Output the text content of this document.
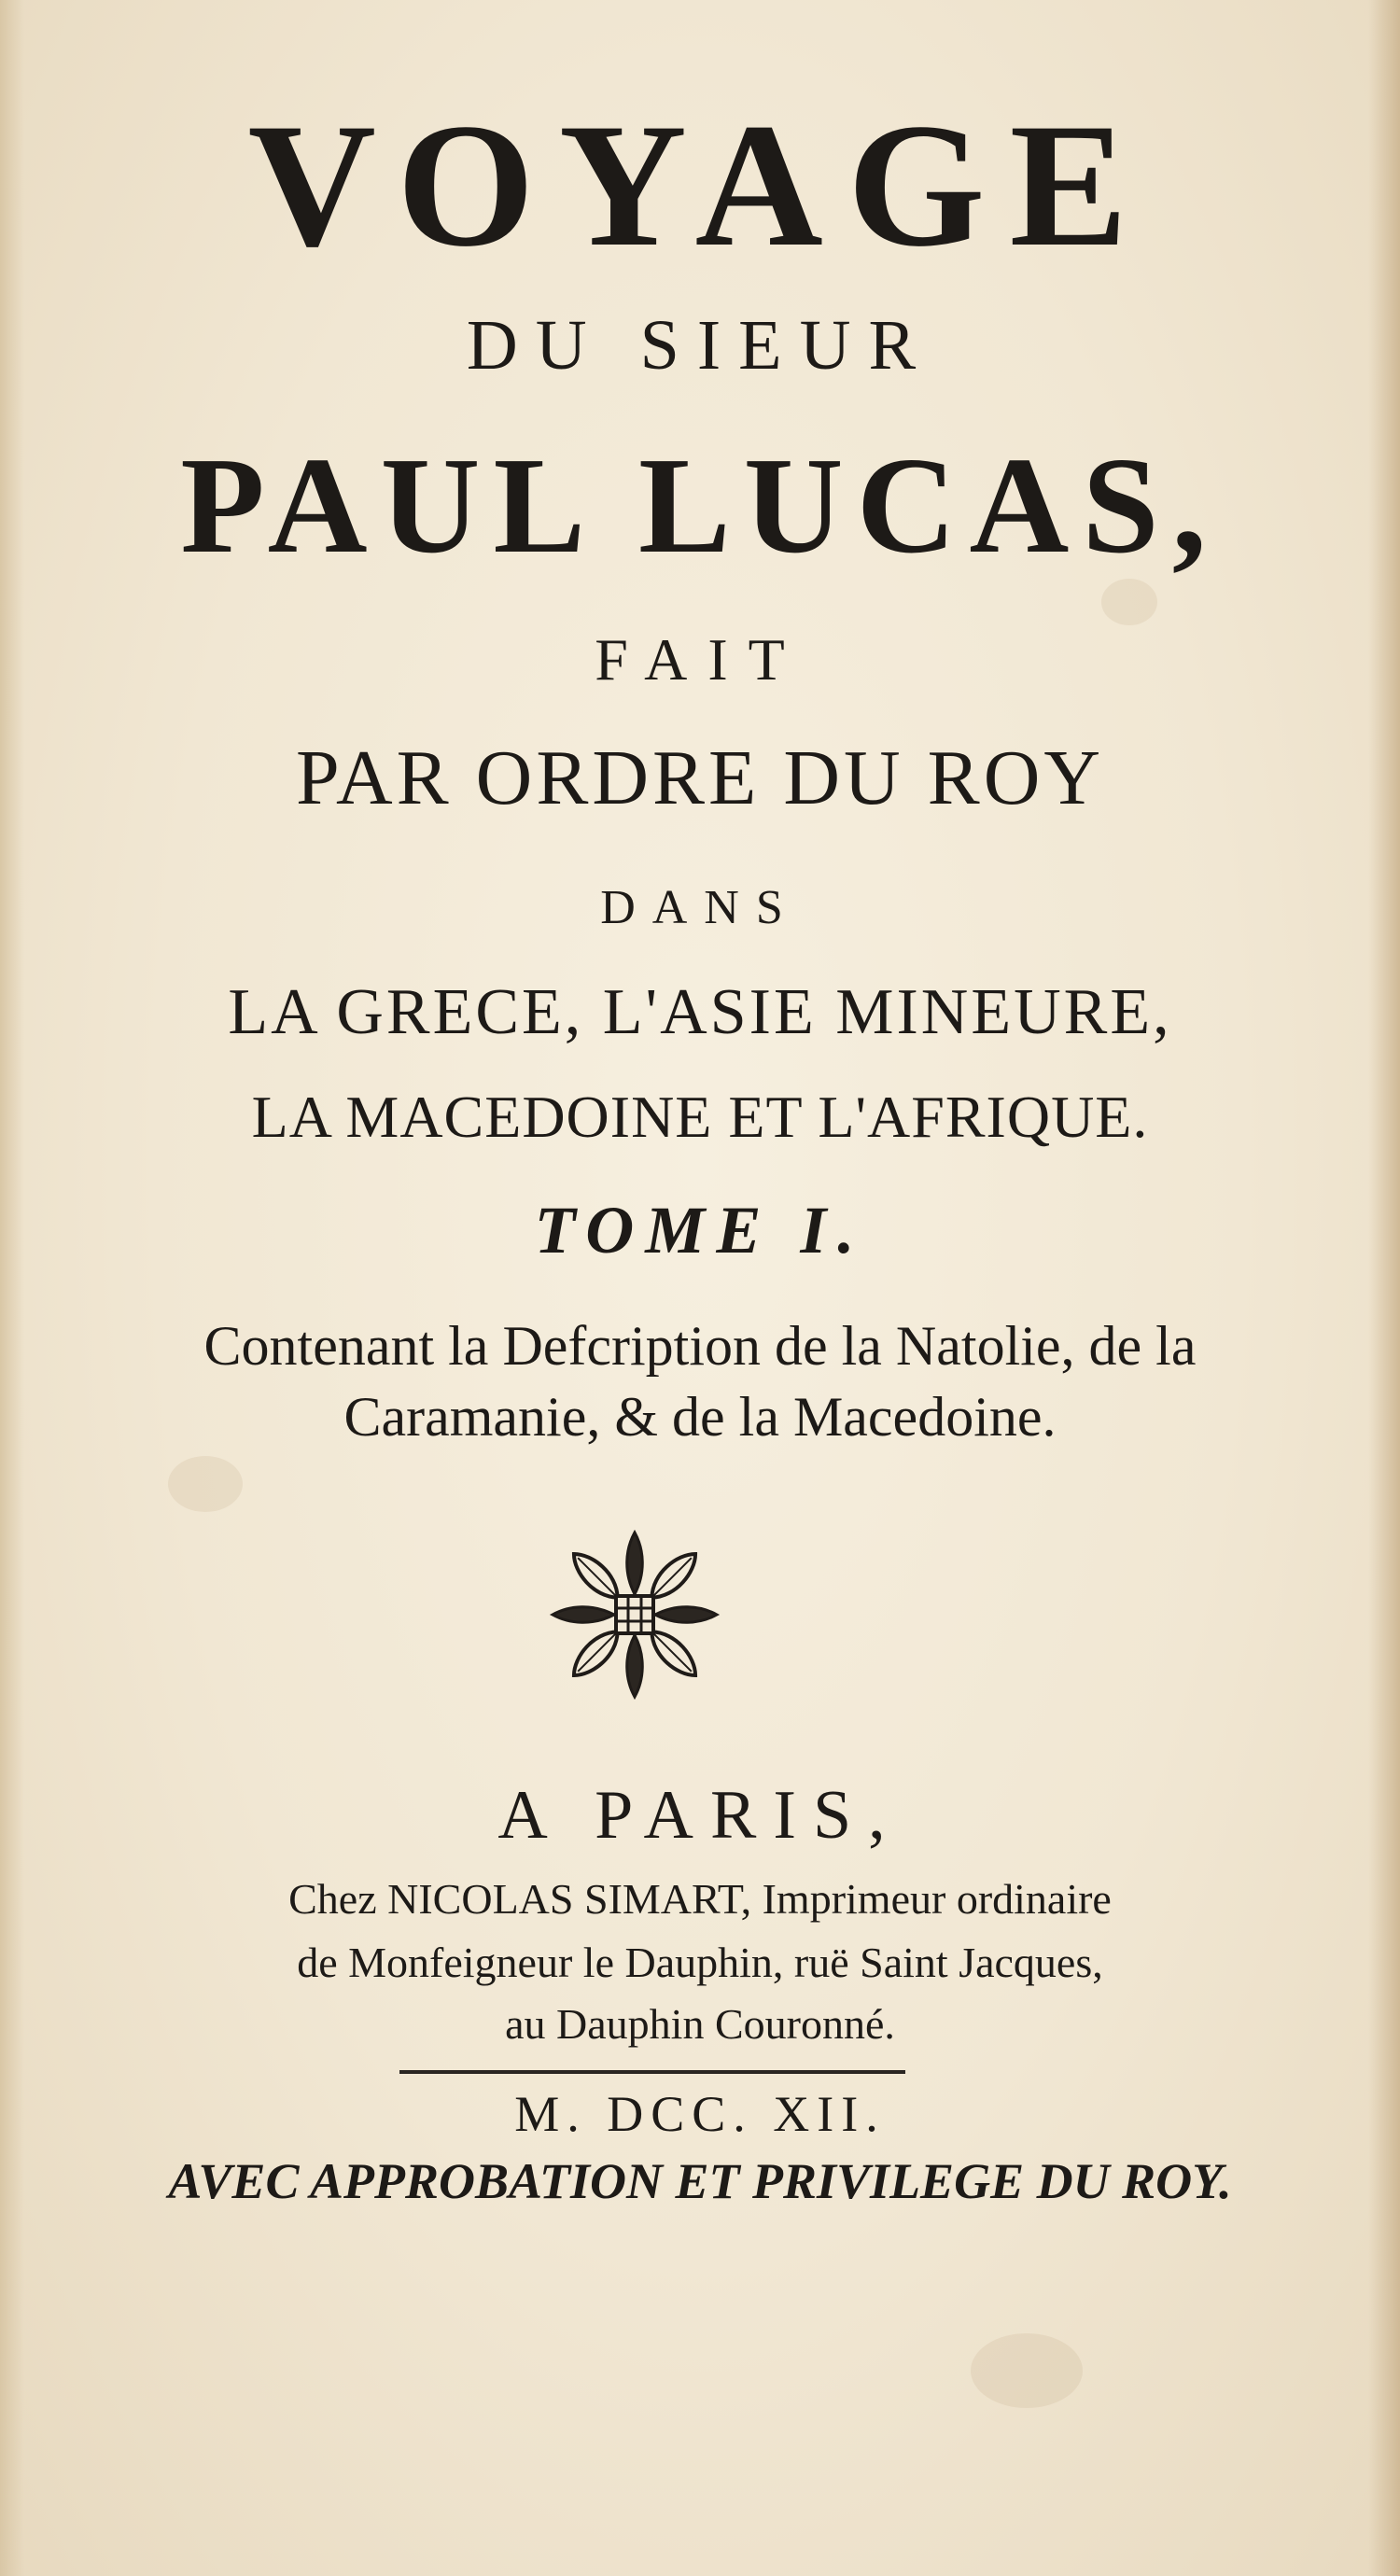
VOYAGE

DU SIEUR

PAUL LUCAS,

FAIT

PAR ORDRE DU ROY

DANS

LA GRECE, L'ASIE MINEURE,

LA MACEDOINE ET L'AFRIQUE.

TOME I.

Contenant la Defcription de la Natolie, de la

Caramanie, & de la Macedoine.

A PARIS,

Chez NICOLAS SIMART, Imprimeur ordinaire

de Monfeigneur le Dauphin, ruë Saint Jacques,

au Dauphin Couronné.

M. DCC. XII.

AVEC APPROBATION ET PRIVILEGE DU ROY.
